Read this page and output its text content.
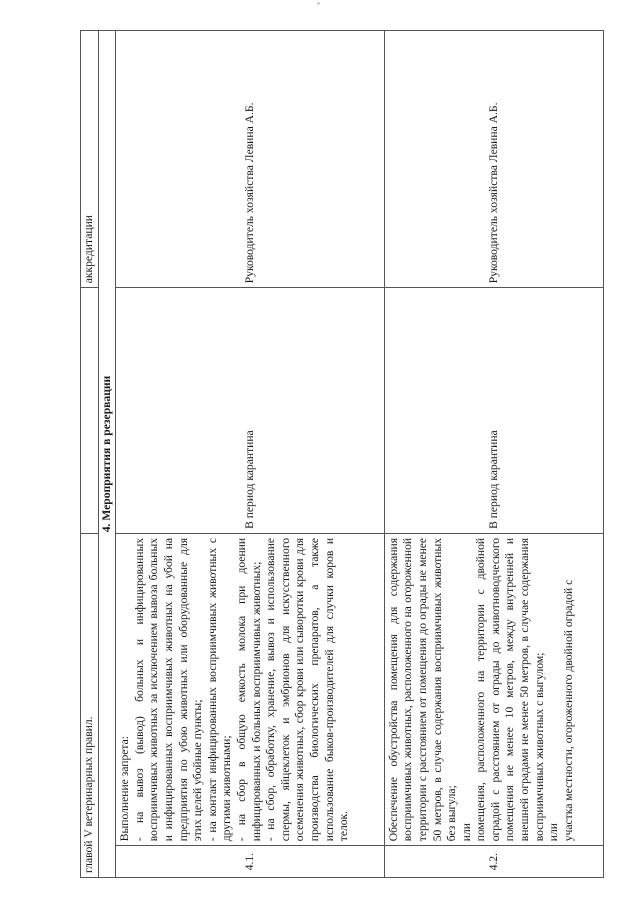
главой V ветеринарных правил.			аккредитации
4. Мероприятия в резервации			
4.1.	Выполнение запрета: - на вывоз (вывод) больных и инфицированных восприимчивых животных за исключением вывоза больных и инфицированных восприимчивых животных на убой на предприятия по убою животных или оборудованные для этих целей убойные пункты; - на контакт инфицированных восприимчивых животных с другими животными; - на сбор в общую емкость молока при доении инфицированных и больных восприимчивых животных; - на сбор, обработку, хранение, вывоз и использование спермы, яйцеклеток и эмбрионов для искусственного осеменения животных, сбор крови или сыворотки крови для производства биологических препаратов, а также использование быков-производителей для случки коров и телок.	В период карантина	Руководитель хозяйства Левина А.Б.
4.2.	Обеспечение обустройства помещения для содержания восприимчивых животных, расположенного на огороженной территории с расстоянием от помещения до ограды не менее 50 метров, в случае содержания восприимчивых животных без выгула; или помещения, расположенного на территории с двойной оградой с расстоянием от ограды до животноводческого помещения не менее 10 метров, между внутренней и внешней оградами не менее 50 метров, в случае содержания восприимчивых животных с выгулом; или участка местности, огороженного двойной оградой с	В период карантина	Руководитель хозяйства Левина А.Б.
